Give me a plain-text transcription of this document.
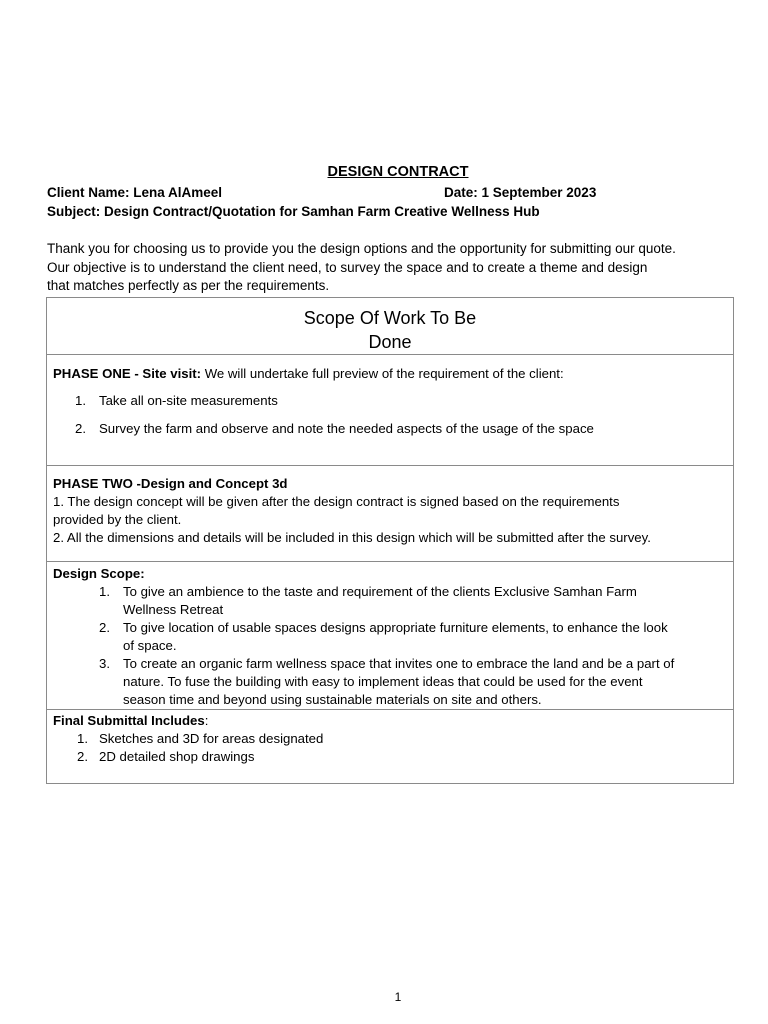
DESIGN CONTRACT
Client Name: Lena AlAmeel	Date: 1 September 2023
Subject: Design Contract/Quotation for Samhan Farm Creative Wellness Hub
Thank you for choosing us to provide you the design options and the opportunity for submitting our quote.
Our objective is to understand the client need, to survey the space and to create a theme and design
that matches perfectly as per the requirements.
Scope Of Work To Be
Done

PHASE ONE - Site visit: We will undertake full preview of the requirement of the client:
1. Take all on-site measurements
2. Survey the farm and observe and note the needed aspects of the usage of the space

PHASE TWO -Design and Concept 3d
1. The design concept will be given after the design contract is signed based on the requirements
provided by the client.
2. All the dimensions and details will be included in this design which will be submitted after the survey.

Design Scope:
1. To give an ambience to the taste and requirement of the clients Exclusive Samhan Farm
Wellness Retreat
2. To give location of usable spaces designs appropriate furniture elements, to enhance the look
of space.
3. To create an organic farm wellness space that invites one to embrace the land and be a part of
nature. To fuse the building with easy to implement ideas that could be used for the event
season time and beyond using sustainable materials on site and others.

Final Submittal Includes:
1. Sketches and 3D for areas designated
2. 2D detailed shop drawings
1
